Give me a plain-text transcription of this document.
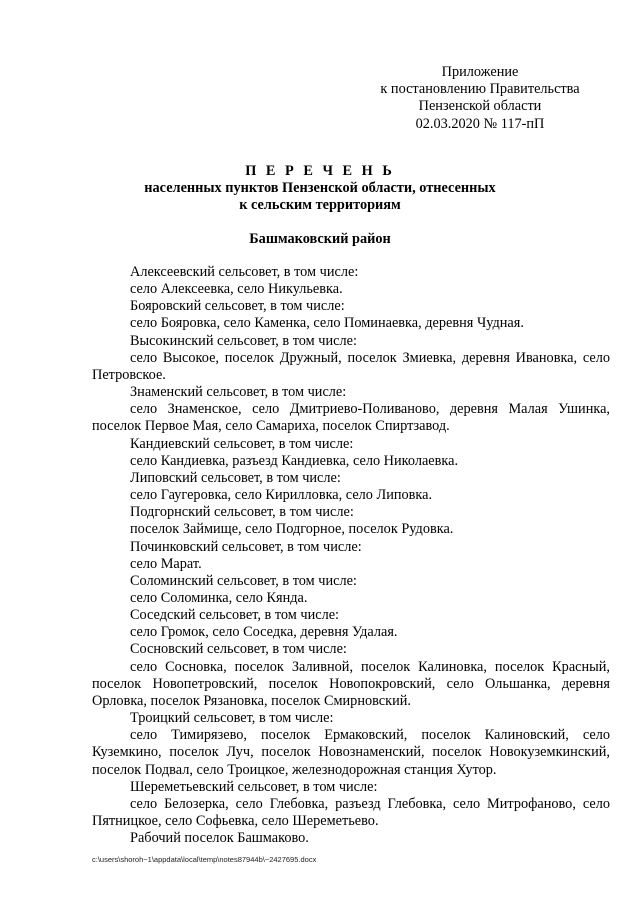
Приложение
к постановлению Правительства
Пензенской области
02.03.2020 № 117-пП
П Е Р Е Ч Е Н Ь
населенных пунктов Пензенской области, отнесенных
к сельским территориям
Башмаковский район
Алексеевский сельсовет, в том числе:
село Алексеевка, село Никульевка.
Бояровский сельсовет, в том числе:
село Бояровка, село Каменка, село Поминаевка, деревня Чудная.
Высокинский сельсовет, в том числе:
село Высокое, поселок Дружный, поселок Змиевка, деревня Ивановка, село Петровское.
Знаменский сельсовет, в том числе:
село Знаменское, село Дмитриево-Поливаново, деревня Малая Ушинка, поселок Первое Мая, село Самариха, поселок Спиртзавод.
Кандиевский сельсовет, в том числе:
село Кандиевка, разъезд Кандиевка, село Николаевка.
Липовский сельсовет, в том числе:
село Гаугеровка, село Кирилловка, село Липовка.
Подгорнский сельсовет, в том числе:
поселок Займище, село Подгорное, поселок Рудовка.
Починковский сельсовет, в том числе:
село Марат.
Соломинский сельсовет, в том числе:
село Соломинка, село Кянда.
Соседский сельсовет, в том числе:
село Громок, село Соседка, деревня Удалая.
Сосновский сельсовет, в том числе:
село Сосновка, поселок Заливной, поселок Калиновка, поселок Красный, поселок Новопетровский, поселок Новопокровский, село Ольшанка, деревня Орловка, поселок Рязановка, поселок Смирновский.
Троицкий сельсовет, в том числе:
село Тимирязево, поселок Ермаковский, поселок Калиновский, село Куземкино, поселок Луч, поселок Новознаменский, поселок Новокуземкинский, поселок Подвал, село Троицкое, железнодорожная станция Хутор.
Шереметьевский сельсовет, в том числе:
село Белозерка, село Глебовка, разъезд Глебовка, село Митрофаново, село Пятницкое, село Софьевка, село Шереметьево.
Рабочий поселок Башмаково.
c:\users\shoroh~1\appdata\local\temp\notes87944b\~2427695.docx
